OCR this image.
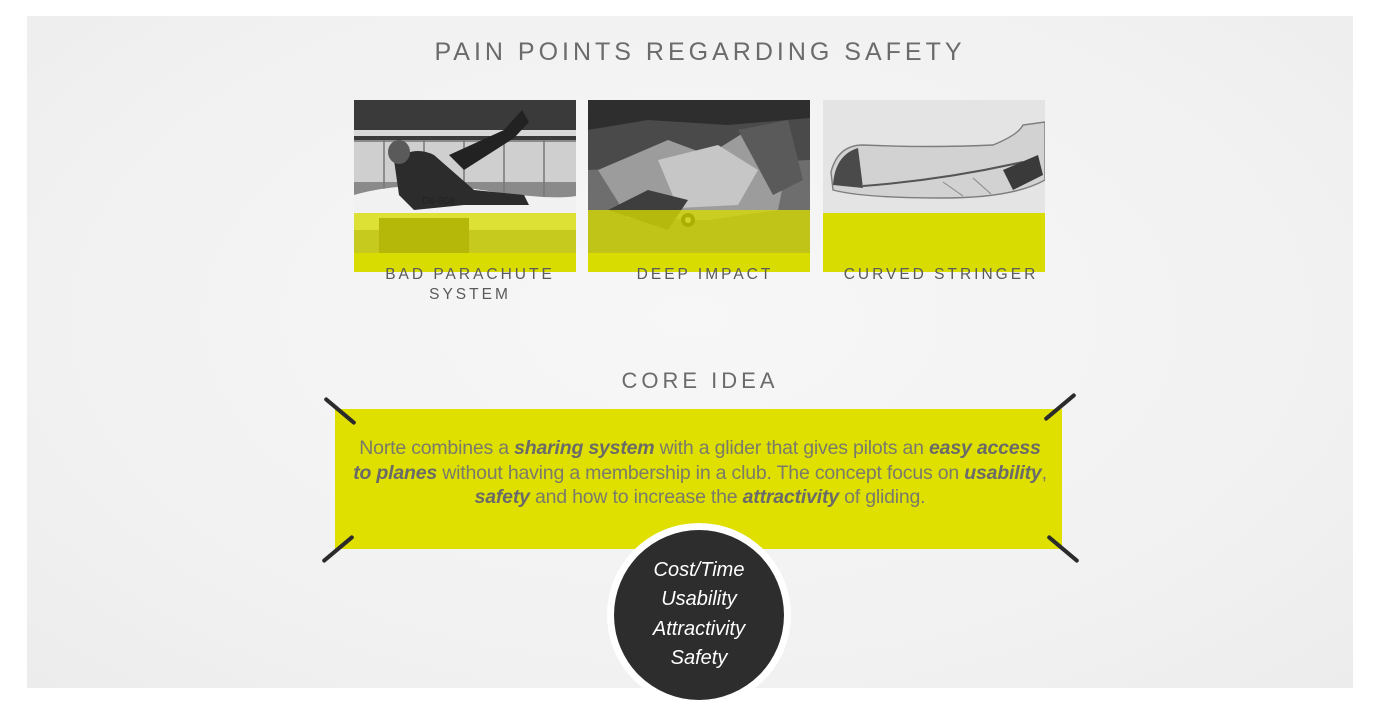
PAIN POINTS REGARDING SAFETY
D6-808
BAD PARACHUTE
SYSTEM
DEEP IMPACT	CURVED STRINGER
CORE IDEA
Norte combines a sharing system with a glider that gives pilots an easy access to planes without having a membership in a club. The concept focus on usability, safety and how to increase the attractivity of gliding.
Cost/Time
Usability
Attractivity
Safety
